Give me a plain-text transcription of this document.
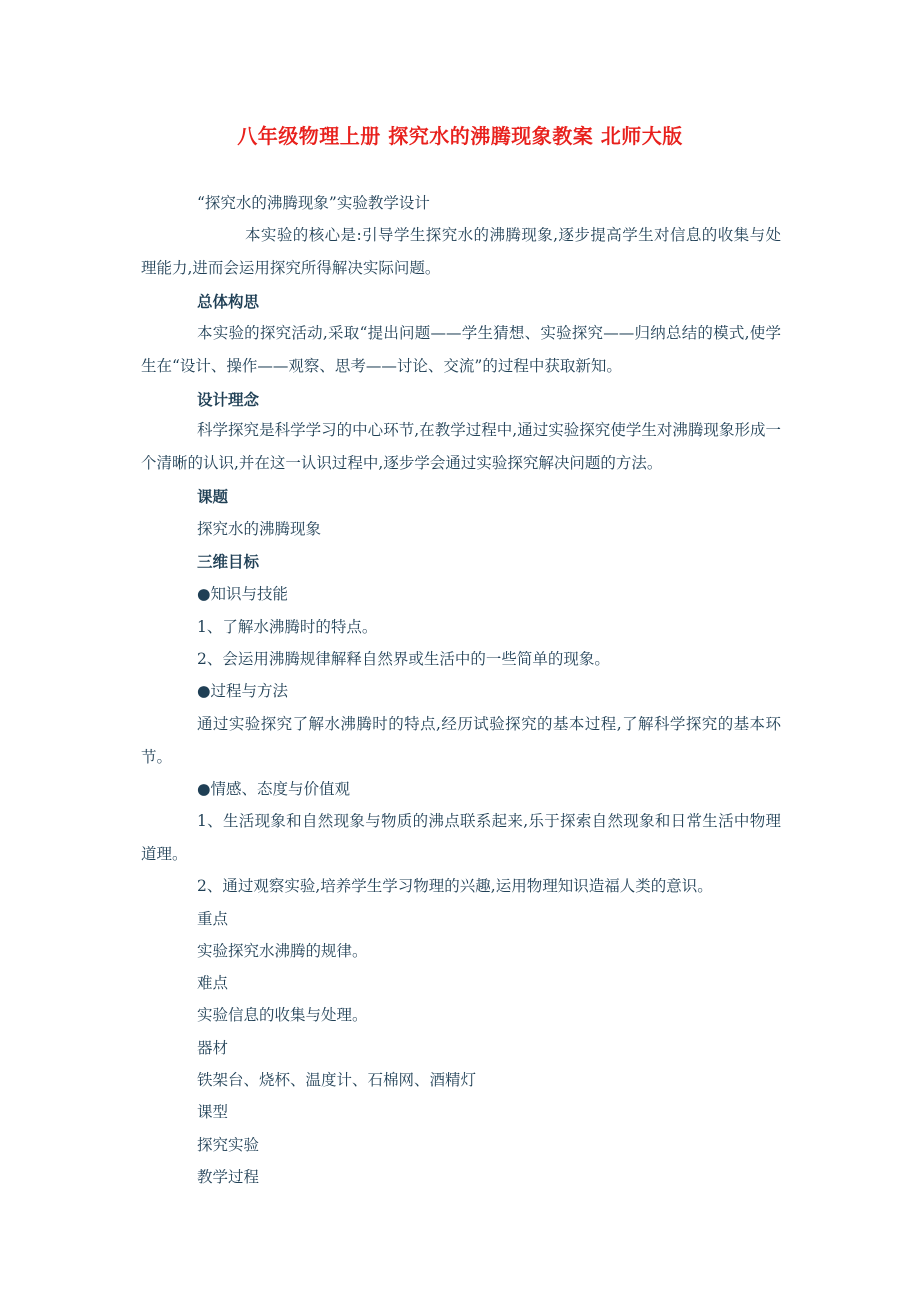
八年级物理上册 探究水的沸腾现象教案 北师大版
“探究水的沸腾现象”实验教学设计
本实验的核心是:引导学生探究水的沸腾现象,逐步提高学生对信息的收集与处理能力,进而会运用探究所得解决实际问题。
总体构思
本实验的探究活动,采取“提出问题——学生猜想、实验探究——归纳总结的模式,使学生在“设计、操作——观察、思考——讨论、交流”的过程中获取新知。
设计理念
科学探究是科学学习的中心环节,在教学过程中,通过实验探究使学生对沸腾现象形成一个清晰的认识,并在这一认识过程中,逐步学会通过实验探究解决问题的方法。
课题
探究水的沸腾现象
三维目标
●知识与技能
1、了解水沸腾时的特点。
2、会运用沸腾规律解释自然界或生活中的一些简单的现象。
●过程与方法
通过实验探究了解水沸腾时的特点,经历试验探究的基本过程,了解科学探究的基本环节。
●情感、态度与价值观
1、生活现象和自然现象与物质的沸点联系起来,乐于探索自然现象和日常生活中物理道理。
2、通过观察实验,培养学生学习物理的兴趣,运用物理知识造福人类的意识。
重点
实验探究水沸腾的规律。
难点
实验信息的收集与处理。
器材
铁架台、烧杯、温度计、石棉网、酒精灯
课型
探究实验
教学过程
